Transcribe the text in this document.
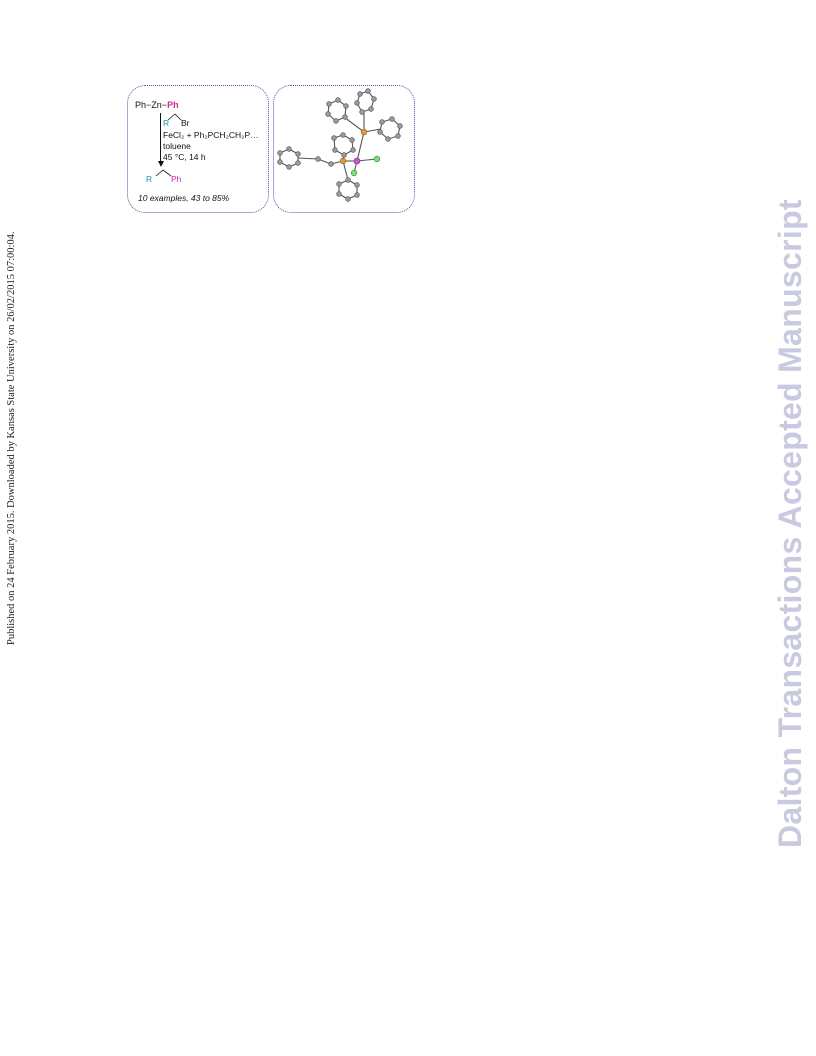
Ph−Zn−Ph
R Br
FeCl₂ + Ph₂PCH₂CH₂P…
toluene
45 °C, 14 h
R Ph
10 examples, 43 to 85%
Published on 24 February 2015. Downloaded by Kansas State University on 26/02/2015 07:00:04.	Dalton Transactions Accepted Manuscript
